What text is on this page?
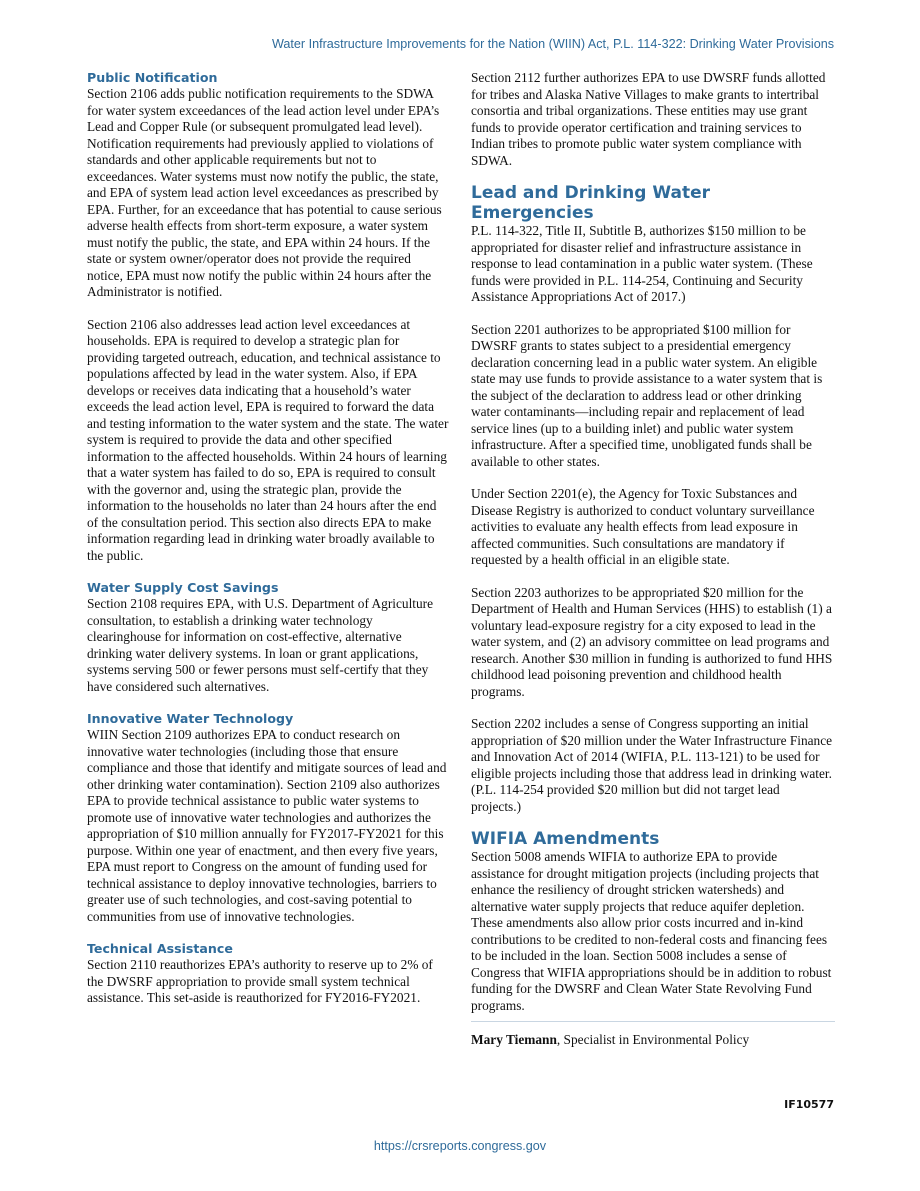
Water Infrastructure Improvements for the Nation (WIIN) Act, P.L. 114-322: Drinking Water Provisions
Public Notification

Section 2106 adds public notification requirements to the SDWA for water system exceedances of the lead action level under EPA’s Lead and Copper Rule (or subsequent promulgated lead level). Notification requirements had previously applied to violations of standards and other applicable requirements but not to exceedances. Water systems must now notify the public, the state, and EPA of system lead action level exceedances as prescribed by EPA. Further, for an exceedance that has potential to cause serious adverse health effects from short-term exposure, a water system must notify the public, the state, and EPA within 24 hours. If the state or system owner/operator does not provide the required notice, EPA must now notify the public within 24 hours after the Administrator is notified.

Section 2106 also addresses lead action level exceedances at households. EPA is required to develop a strategic plan for providing targeted outreach, education, and technical assistance to populations affected by lead in the water system. Also, if EPA develops or receives data indicating that a household’s water exceeds the lead action level, EPA is required to forward the data and testing information to the water system and the state. The water system is required to provide the data and other specified information to the affected households. Within 24 hours of learning that a water system has failed to do so, EPA is required to consult with the governor and, using the strategic plan, provide the information to the households no later than 24 hours after the end of the consultation period. This section also directs EPA to make information regarding lead in drinking water broadly available to the public.

Water Supply Cost Savings

Section 2108 requires EPA, with U.S. Department of Agriculture consultation, to establish a drinking water technology clearinghouse for information on cost-effective, alternative drinking water delivery systems. In loan or grant applications, systems serving 500 or fewer persons must self-certify that they have considered such alternatives.

Innovative Water Technology

WIIN Section 2109 authorizes EPA to conduct research on innovative water technologies (including those that ensure compliance and those that identify and mitigate sources of lead and other drinking water contamination). Section 2109 also authorizes EPA to provide technical assistance to public water systems to promote use of innovative water technologies and authorizes the appropriation of $10 million annually for FY2017-FY2021 for this purpose. Within one year of enactment, and then every five years, EPA must report to Congress on the amount of funding used for technical assistance to deploy innovative technologies, barriers to greater use of such technologies, and cost-saving potential to communities from use of innovative technologies.

Technical Assistance

Section 2110 reauthorizes EPA’s authority to reserve up to 2% of the DWSRF appropriation to provide small system technical assistance. This set-aside is reauthorized for FY2016-FY2021.

Section 2112 further authorizes EPA to use DWSRF funds allotted for tribes and Alaska Native Villages to make grants to intertribal consortia and tribal organizations. These entities may use grant funds to provide operator certification and training services to Indian tribes to promote public water system compliance with SDWA.

Lead and Drinking Water Emergencies

P.L. 114-322, Title II, Subtitle B, authorizes $150 million to be appropriated for disaster relief and infrastructure assistance in response to lead contamination in a public water system. (These funds were provided in P.L. 114-254, Continuing and Security Assistance Appropriations Act of 2017.)

Section 2201 authorizes to be appropriated $100 million for DWSRF grants to states subject to a presidential emergency declaration concerning lead in a public water system. An eligible state may use funds to provide assistance to a water system that is the subject of the declaration to address lead or other drinking water contaminants—including repair and replacement of lead service lines (up to a building inlet) and public water system infrastructure. After a specified time, unobligated funds shall be available to other states.

Under Section 2201(e), the Agency for Toxic Substances and Disease Registry is authorized to conduct voluntary surveillance activities to evaluate any health effects from lead exposure in affected communities. Such consultations are mandatory if requested by a health official in an eligible state.

Section 2203 authorizes to be appropriated $20 million for the Department of Health and Human Services (HHS) to establish (1) a voluntary lead-exposure registry for a city exposed to lead in the water system, and (2) an advisory committee on lead programs and research. Another $30 million in funding is authorized to fund HHS childhood lead poisoning prevention and childhood health programs.

Section 2202 includes a sense of Congress supporting an initial appropriation of $20 million under the Water Infrastructure Finance and Innovation Act of 2014 (WIFIA, P.L. 113-121) to be used for eligible projects including those that address lead in drinking water. (P.L. 114-254 provided $20 million but did not target lead projects.)

WIFIA Amendments

Section 5008 amends WIFIA to authorize EPA to provide assistance for drought mitigation projects (including projects that enhance the resiliency of drought stricken watersheds) and alternative water supply projects that reduce aquifer depletion. These amendments also allow prior costs incurred and in-kind contributions to be credited to non-federal costs and financing fees to be included in the loan. Section 5008 includes a sense of Congress that WIFIA appropriations should be in addition to robust funding for the DWSRF and Clean Water State Revolving Fund programs.

Mary Tiemann, Specialist in Environmental Policy

IF10577
https://crsreports.congress.gov
